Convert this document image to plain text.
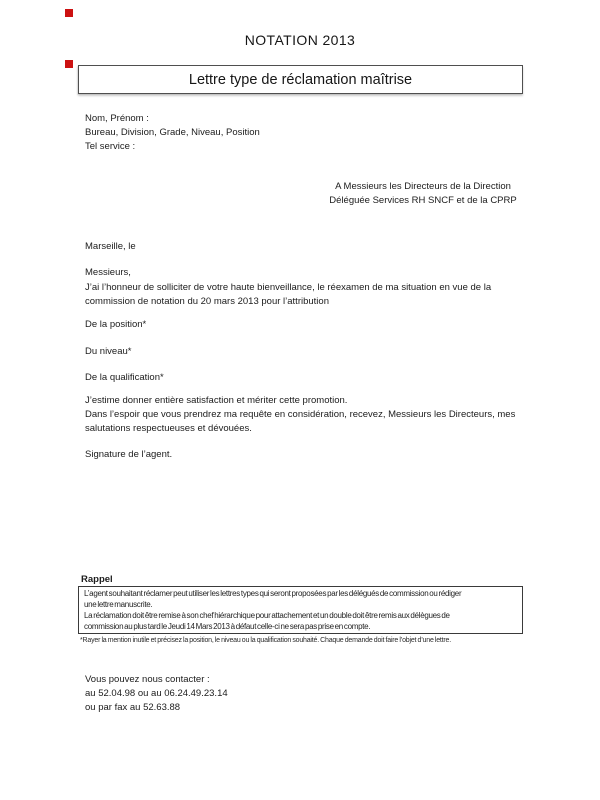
NOTATION 2013
Lettre type de réclamation maîtrise
Nom, Prénom :
Bureau, Division, Grade, Niveau, Position
Tel service :
A Messieurs les Directeurs de la Direction
Déléguée Services RH SNCF et de la CPRP
Marseille, le
Messieurs,
J’ai l’honneur de solliciter de votre haute bienveillance, le réexamen de ma situation en vue de la
commission de notation du 20 mars 2013 pour l’attribution
De la position*
Du niveau*
De la qualification*
J’estime donner entière satisfaction et mériter cette promotion.
Dans l’espoir que vous prendrez ma requête en considération, recevez, Messieurs les Directeurs, mes
salutations respectueuses et dévouées.
Signature de l’agent.
Rappel
L’agent souhaitant réclamer peut utiliser les lettres types qui seront proposées par les délégués de commission ou rédiger
une lettre manuscrite.
La réclamation doit être remise à son chef hiérarchique pour attachement et un double doit être remis aux délègues de
commission au plus tard le Jeudi 14 Mars 2013 à défaut celle-ci ne sera pas prise en compte.
*Rayer la mention inutile et précisez la position, le niveau ou la qualification souhaité. Chaque demande doit faire l’objet d’une lettre.
Vous pouvez nous contacter :
au 52.04.98 ou au 06.24.49.23.14
ou par fax au 52.63.88
